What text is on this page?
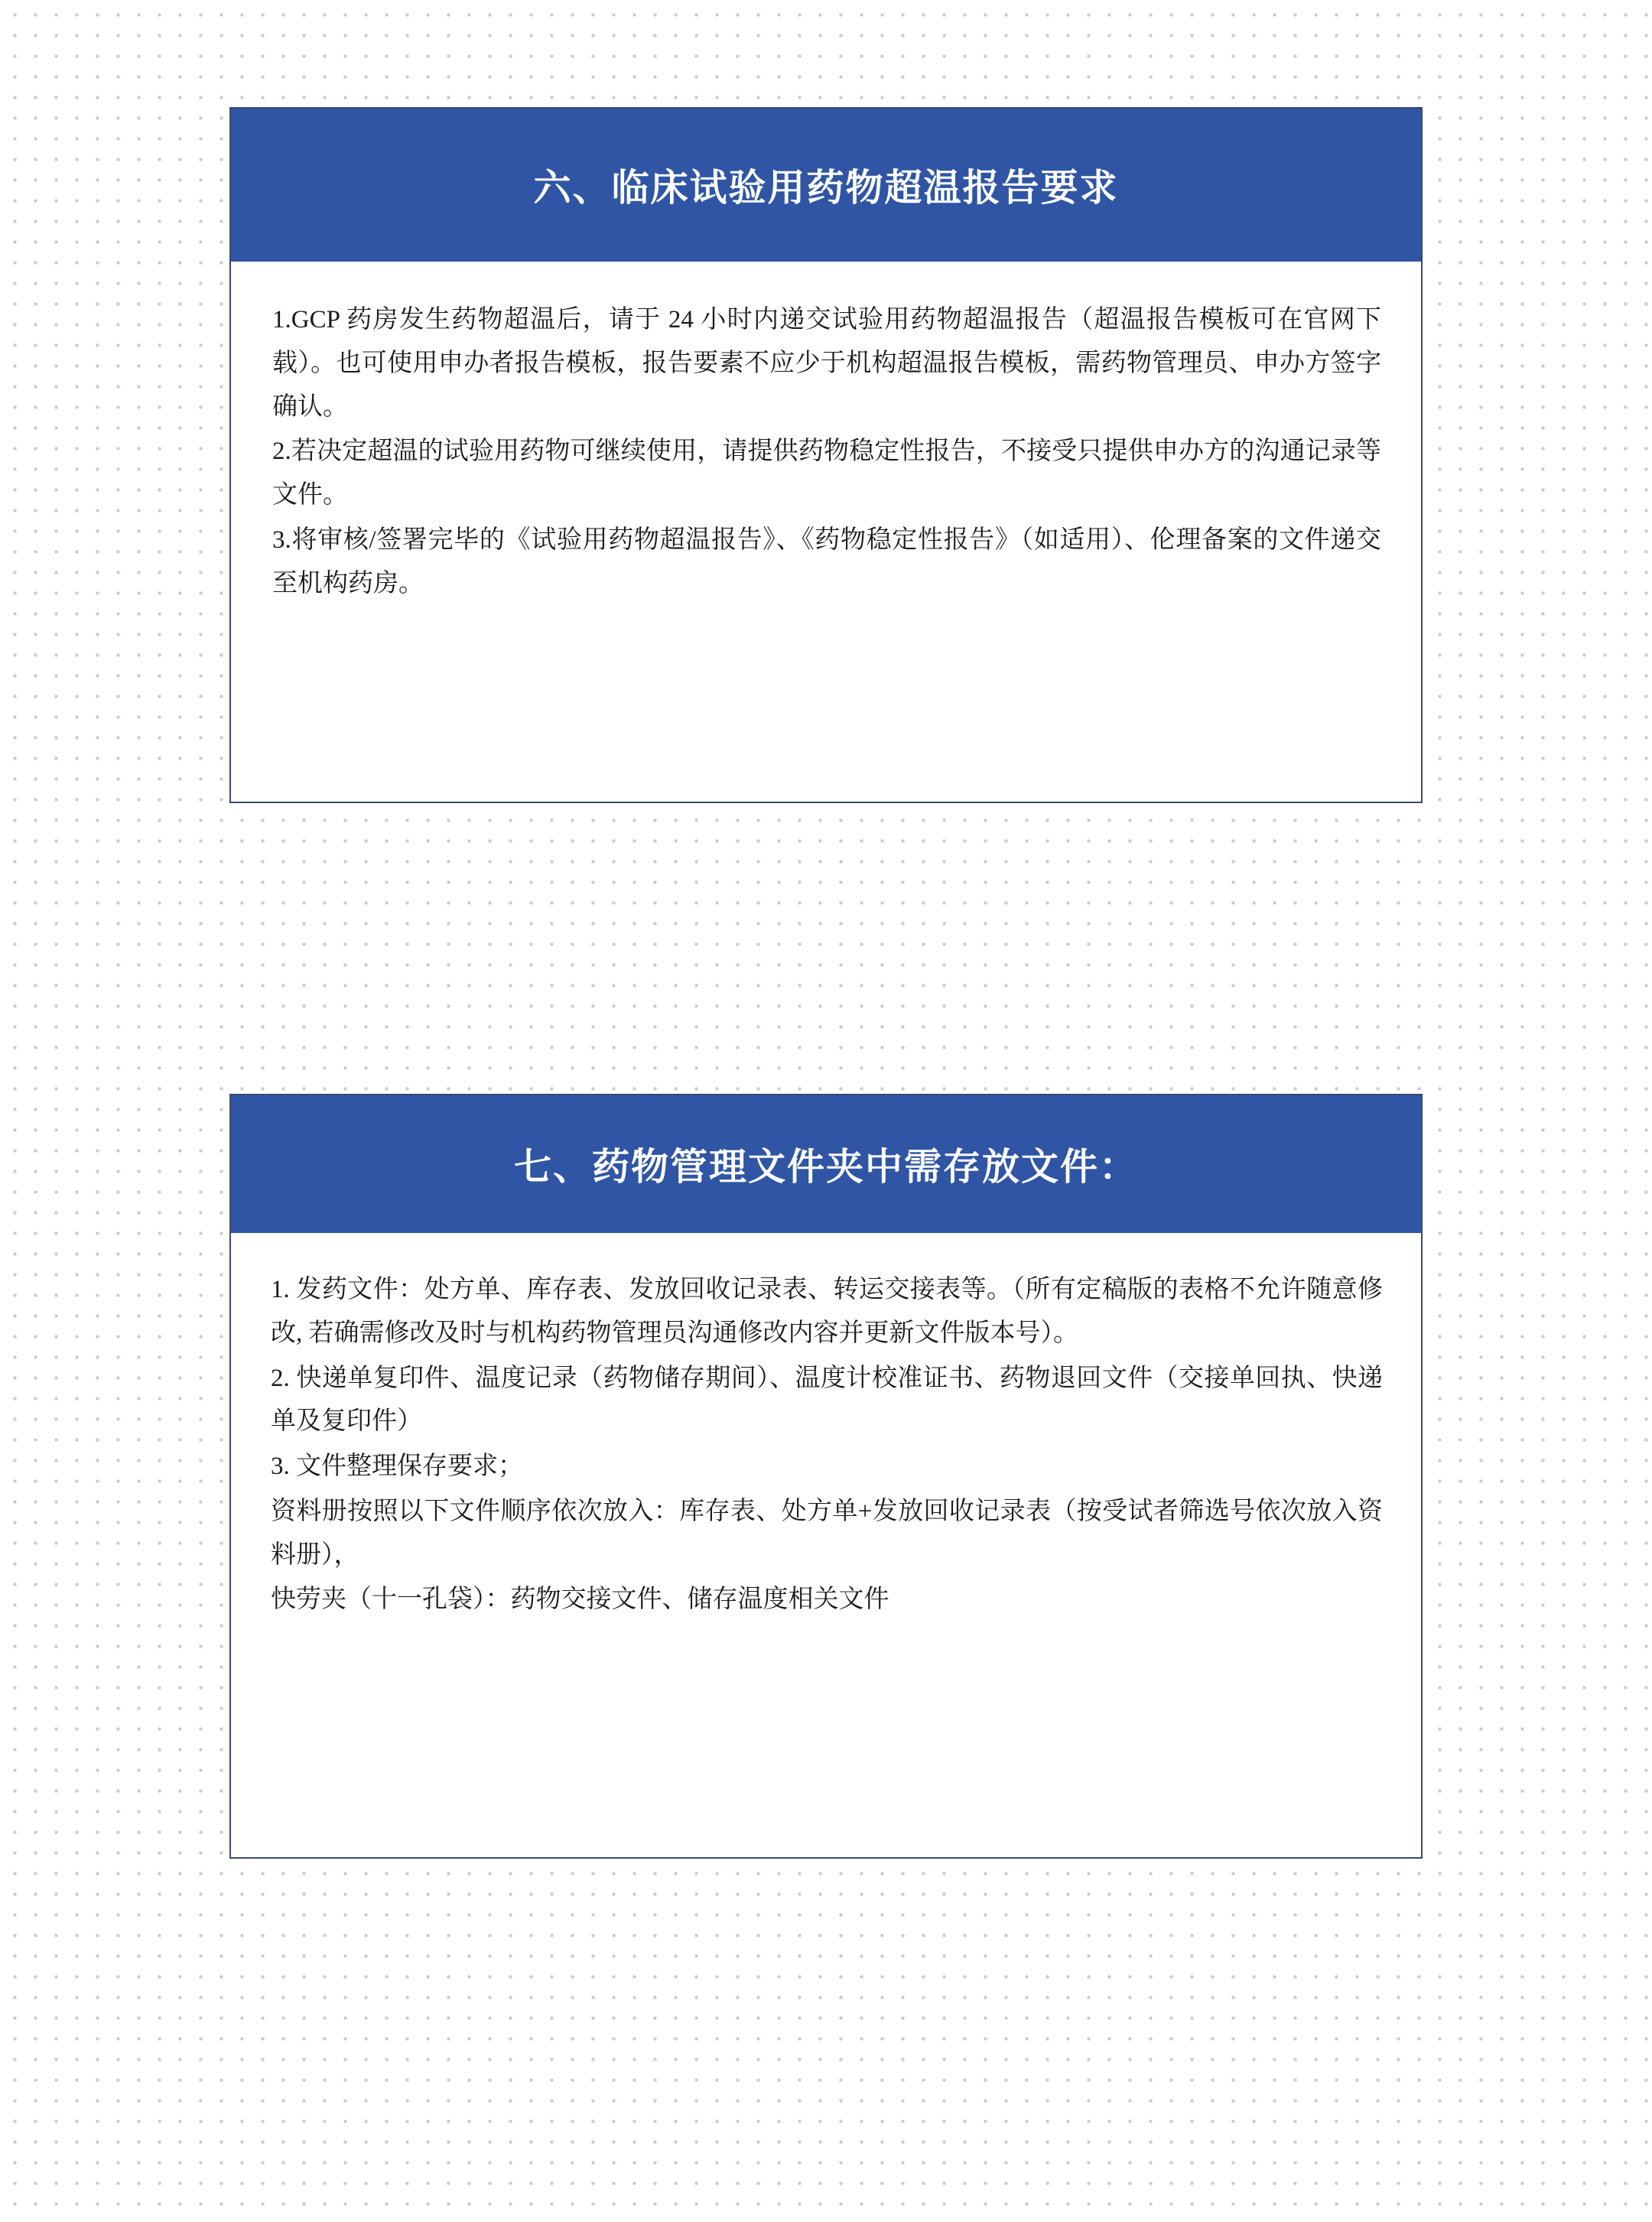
六、临床试验用药物超温报告要求

1.GCP 药房发生药物超温后，请于 24 小时内递交试验用药物超温报告（超温报告模板可在官网下载）。也可使用申办者报告模板，报告要素不应少于机构超温报告模板，需药物管理员、申办方签字确认。

2.若决定超温的试验用药物可继续使用，请提供药物稳定性报告，不接受只提供申办方的沟通记录等文件。

3.将审核/签署完毕的《试验用药物超温报告》、《药物稳定性报告》（如适用）、伦理备案的文件递交至机构药房。

七、药物管理文件夹中需存放文件：

1. 发药文件：处方单、库存表、发放回收记录表、转运交接表等。（所有定稿版的表格不允许随意修改, 若确需修改及时与机构药物管理员沟通修改内容并更新文件版本号）。

2. 快递单复印件、温度记录（药物储存期间）、温度计校准证书、药物退回文件（交接单回执、快递单及复印件）

3. 文件整理保存要求；

资料册按照以下文件顺序依次放入：库存表、处方单+发放回收记录表（按受试者筛选号依次放入资料册），

快劳夹（十一孔袋）：药物交接文件、储存温度相关文件
